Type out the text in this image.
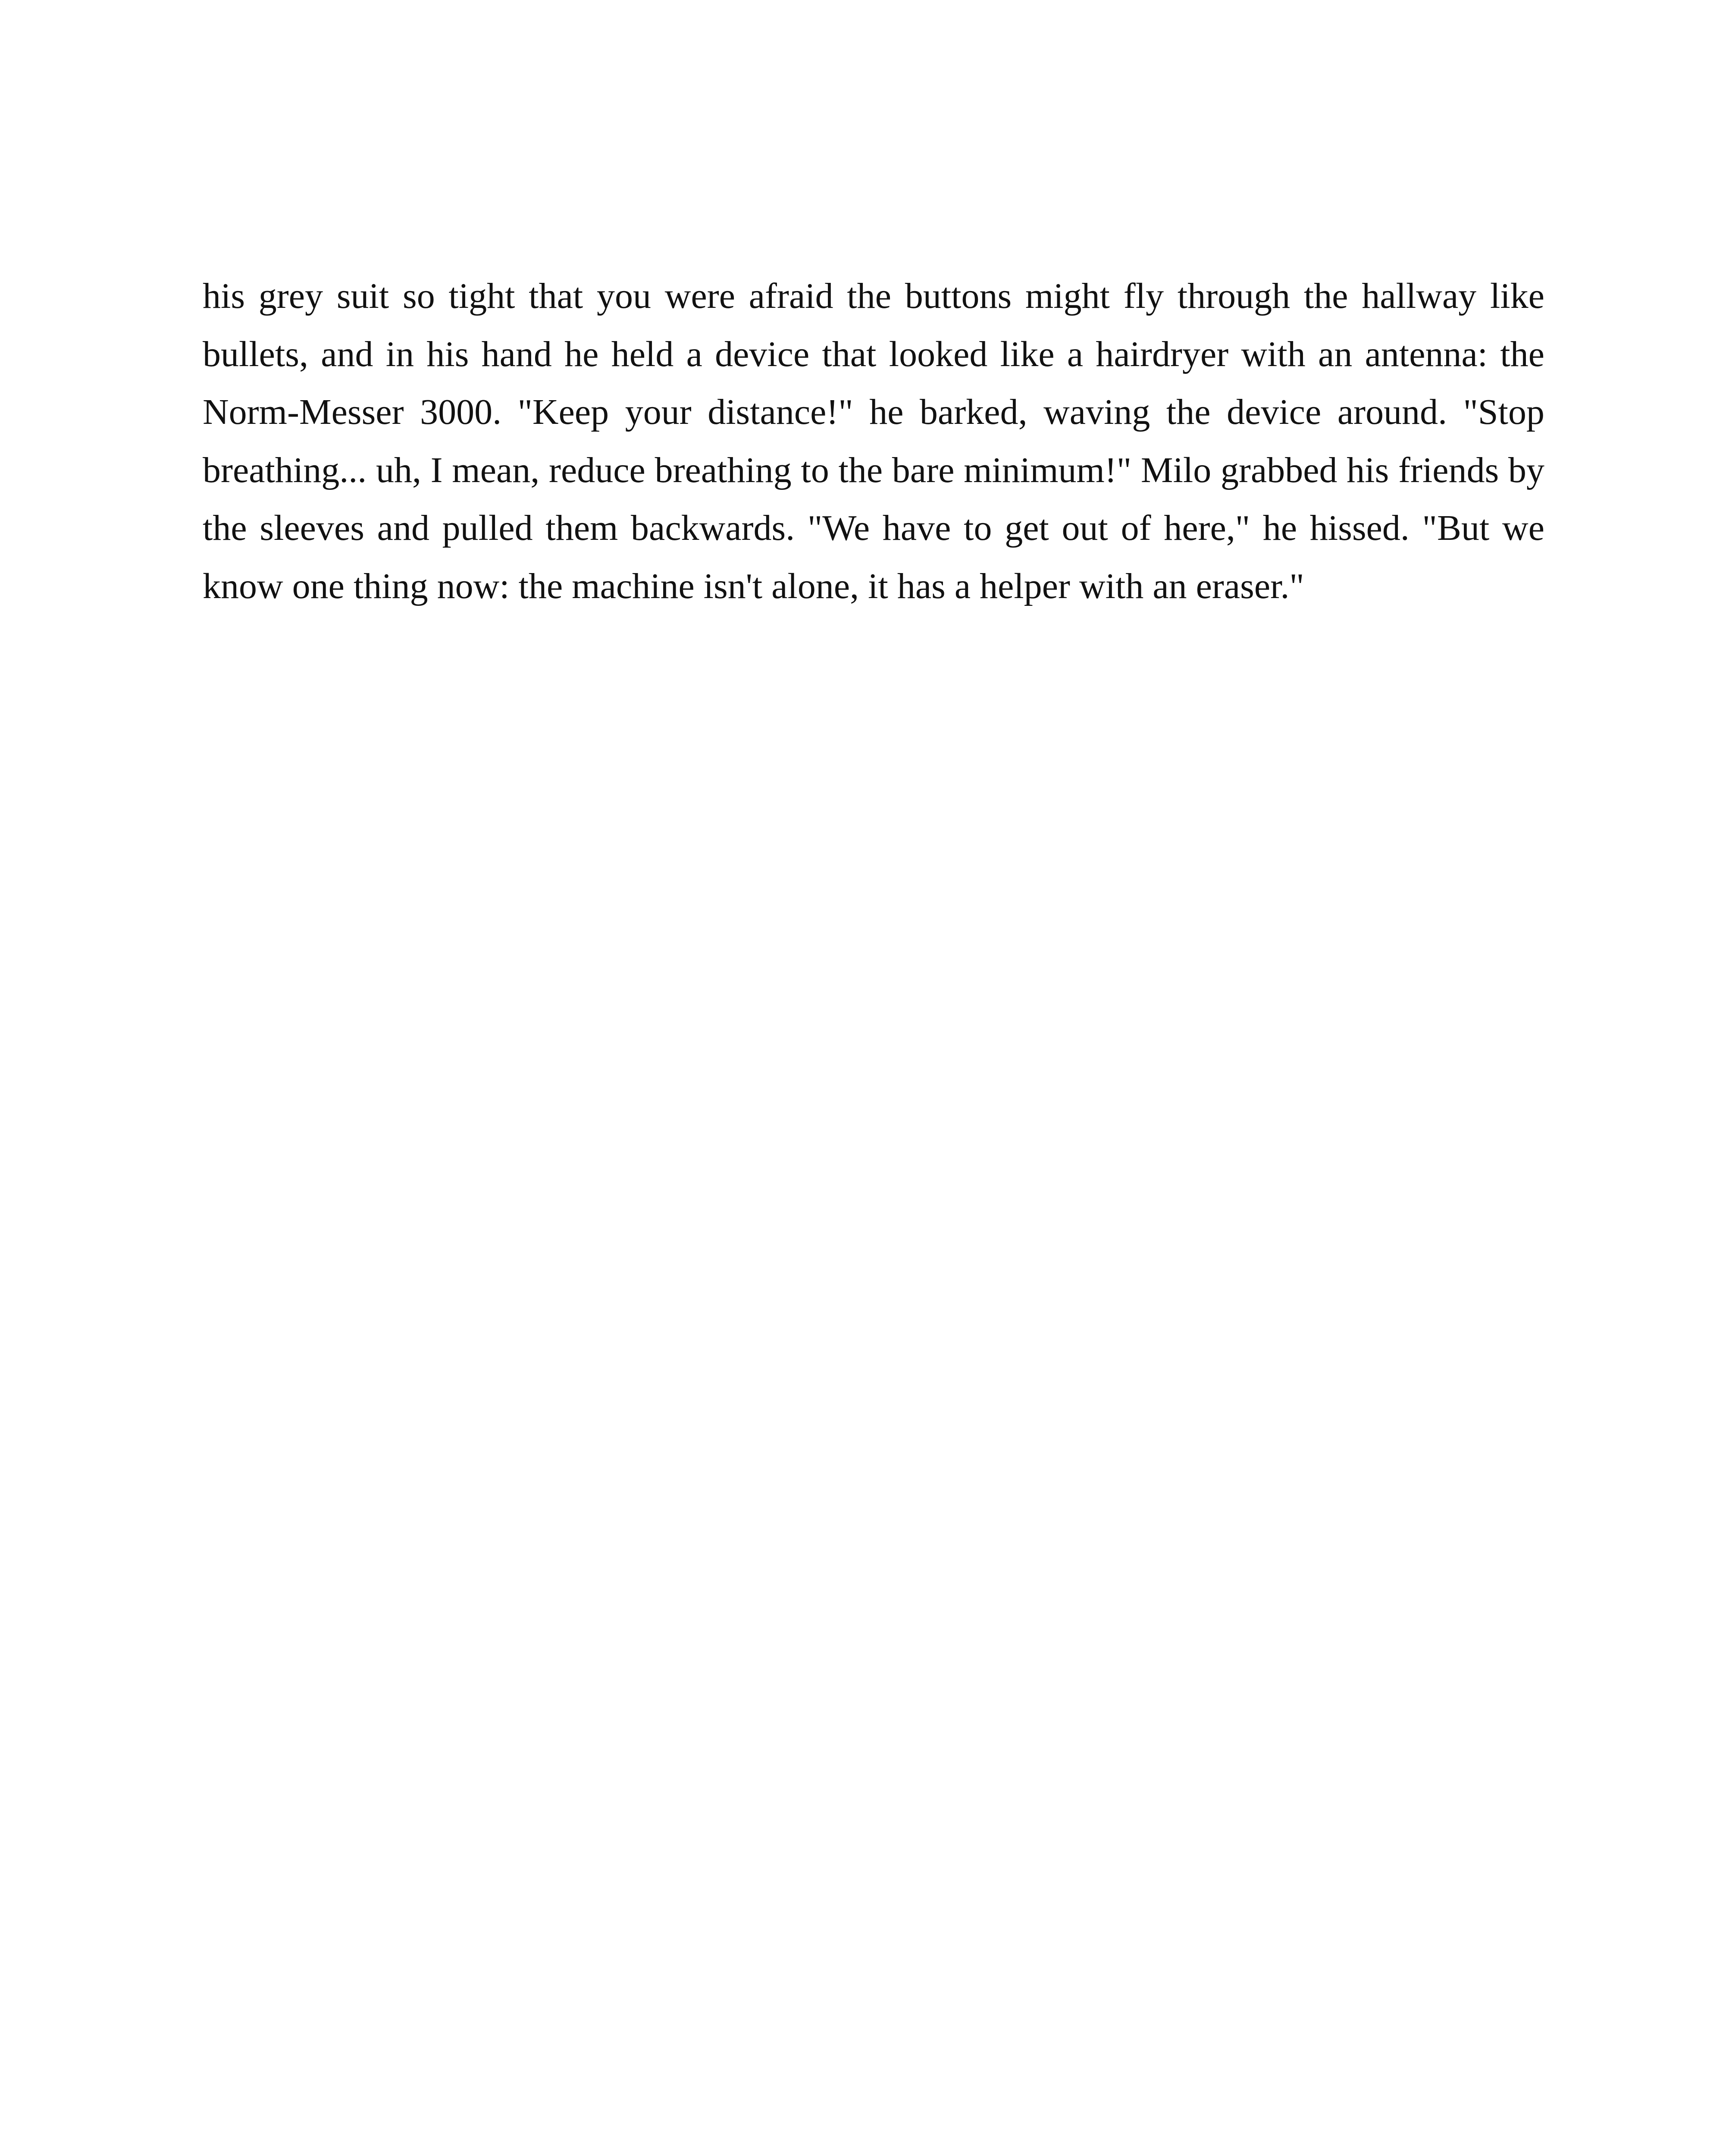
his grey suit so tight that you were afraid the buttons might fly through the hallway like bullets, and in his hand he held a device that looked like a hairdryer with an antenna: the Norm-Messer 3000. "Keep your distance!" he barked, waving the device around. "Stop breathing... uh, I mean, reduce breathing to the bare minimum!" Milo grabbed his friends by the sleeves and pulled them backwards. "We have to get out of here," he hissed. "But we know one thing now: the machine isn't alone, it has a helper with an eraser."
